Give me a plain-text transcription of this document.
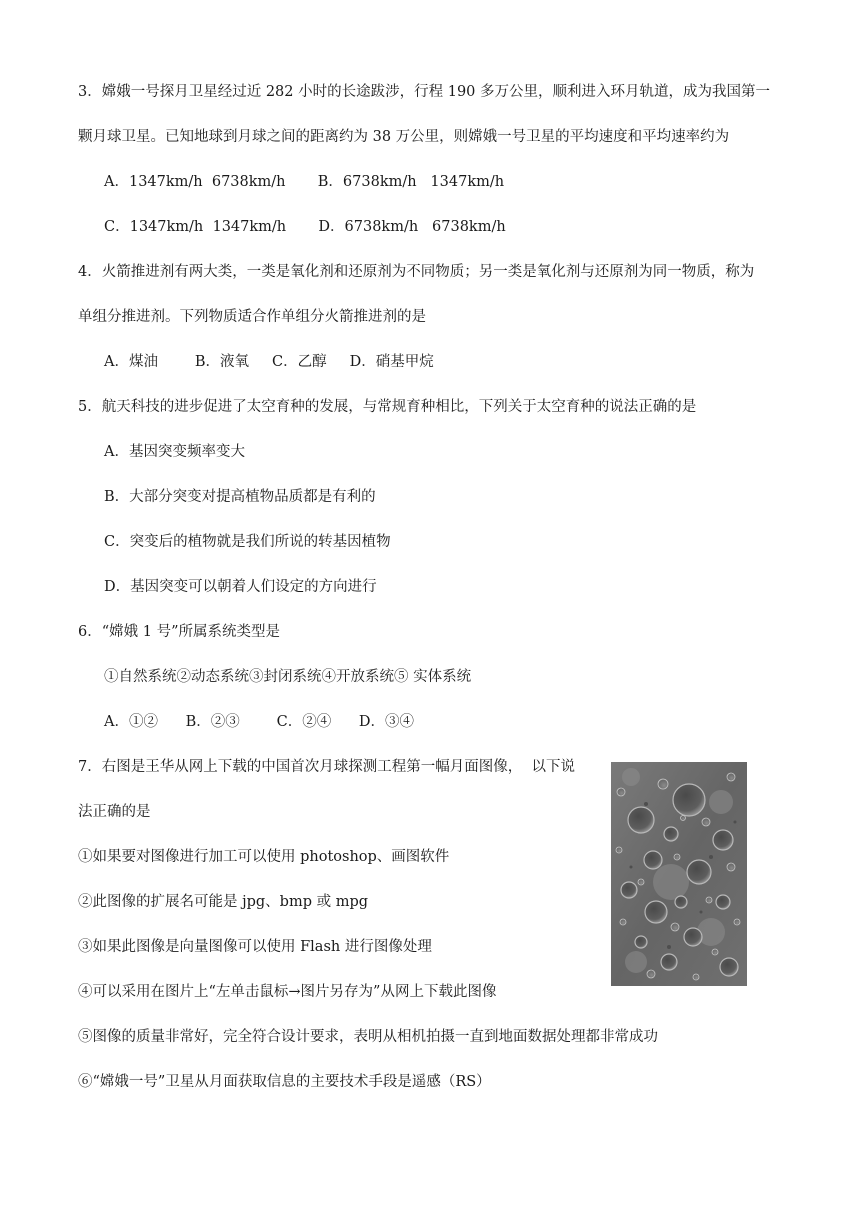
3．嫦娥一号探月卫星经过近 282 小时的长途跋涉，行程 190 多万公里，顺利进入环月轨道，成为我国第一
颗月球卫星。已知地球到月球之间的距离约为 38 万公里，则嫦娥一号卫星的平均速度和平均速率约为
A．1347km/h  6738km/h       B．6738km/h   1347km/h
C．1347km/h  1347km/h       D．6738km/h   6738km/h
4．火箭推进剂有两大类，一类是氧化剂和还原剂为不同物质；另一类是氧化剂与还原剂为同一物质，称为
单组分推进剂。下列物质适合作单组分火箭推进剂的是
A．煤油        B．液氧     C．乙醇     D．硝基甲烷
5．航天科技的进步促进了太空育种的发展，与常规育种相比，下列关于太空育种的说法正确的是
A．基因突变频率变大
B．大部分突变对提高植物品质都是有利的
C．突变后的植物就是我们所说的转基因植物
D．基因突变可以朝着人们设定的方向进行
6．“嫦娥 1 号”所属系统类型是
①自然系统②动态系统③封闭系统④开放系统⑤ 实体系统
A．①②      B．②③        C．②④      D．③④
7．右图是王华从网上下载的中国首次月球探测工程第一幅月面图像，  以下说
法正确的是
①如果要对图像进行加工可以使用 photoshop、画图软件
②此图像的扩展名可能是 jpg、bmp 或 mpg
③如果此图像是向量图像可以使用 Flash 进行图像处理
④可以采用在图片上“左单击鼠标→图片另存为”从网上下载此图像
⑤图像的质量非常好，完全符合设计要求，表明从相机拍摄一直到地面数据处理都非常成功
⑥“嫦娥一号”卫星从月面获取信息的主要技术手段是遥感（RS）
